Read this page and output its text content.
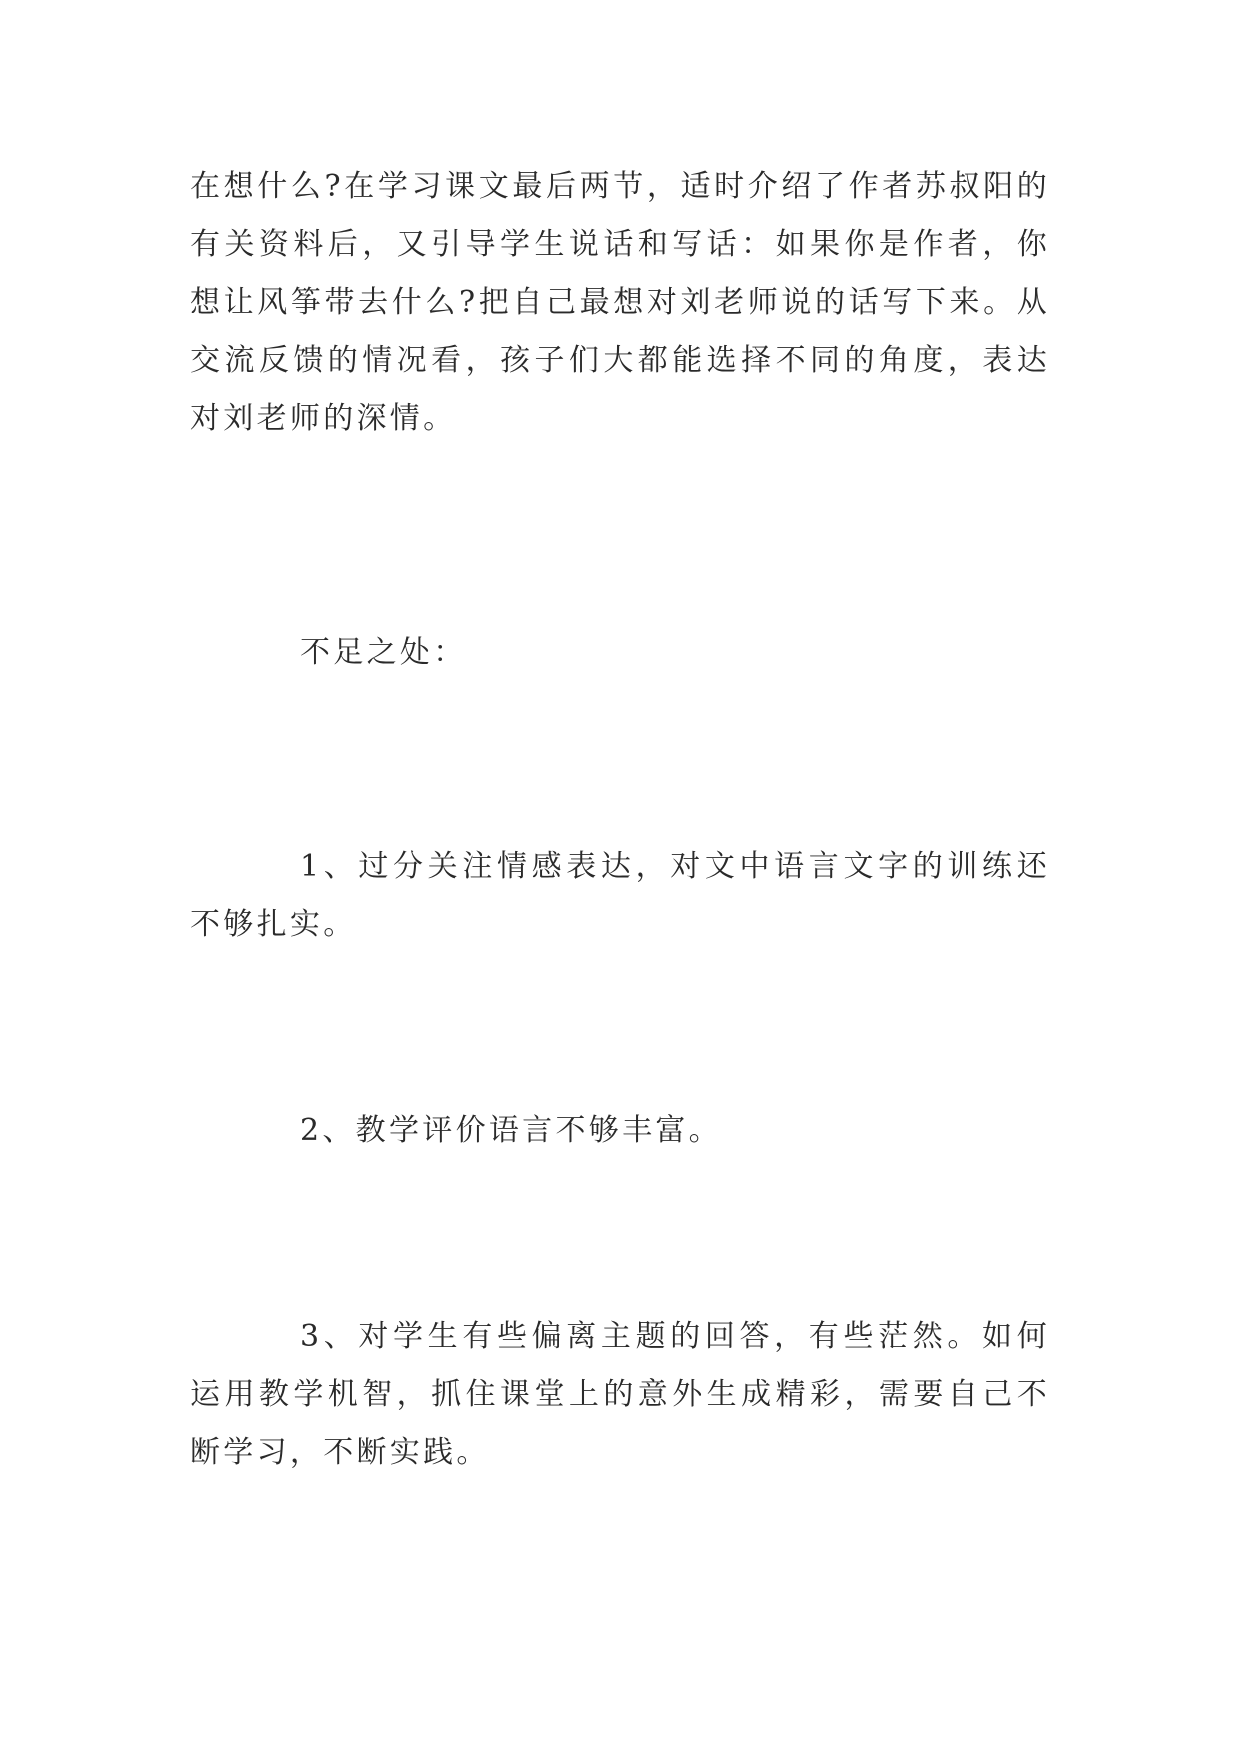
在想什么?在学习课文最后两节，适时介绍了作者苏叔阳的有关资料后，又引导学生说话和写话：如果你是作者，你想让风筝带去什么?把自己最想对刘老师说的话写下来。从交流反馈的情况看，孩子们大都能选择不同的角度，表达对刘老师的深情。

不足之处：

1、过分关注情感表达，对文中语言文字的训练还不够扎实。

2、教学评价语言不够丰富。

3、对学生有些偏离主题的回答，有些茫然。如何运用教学机智，抓住课堂上的意外生成精彩，需要自己不断学习，不断实践。
